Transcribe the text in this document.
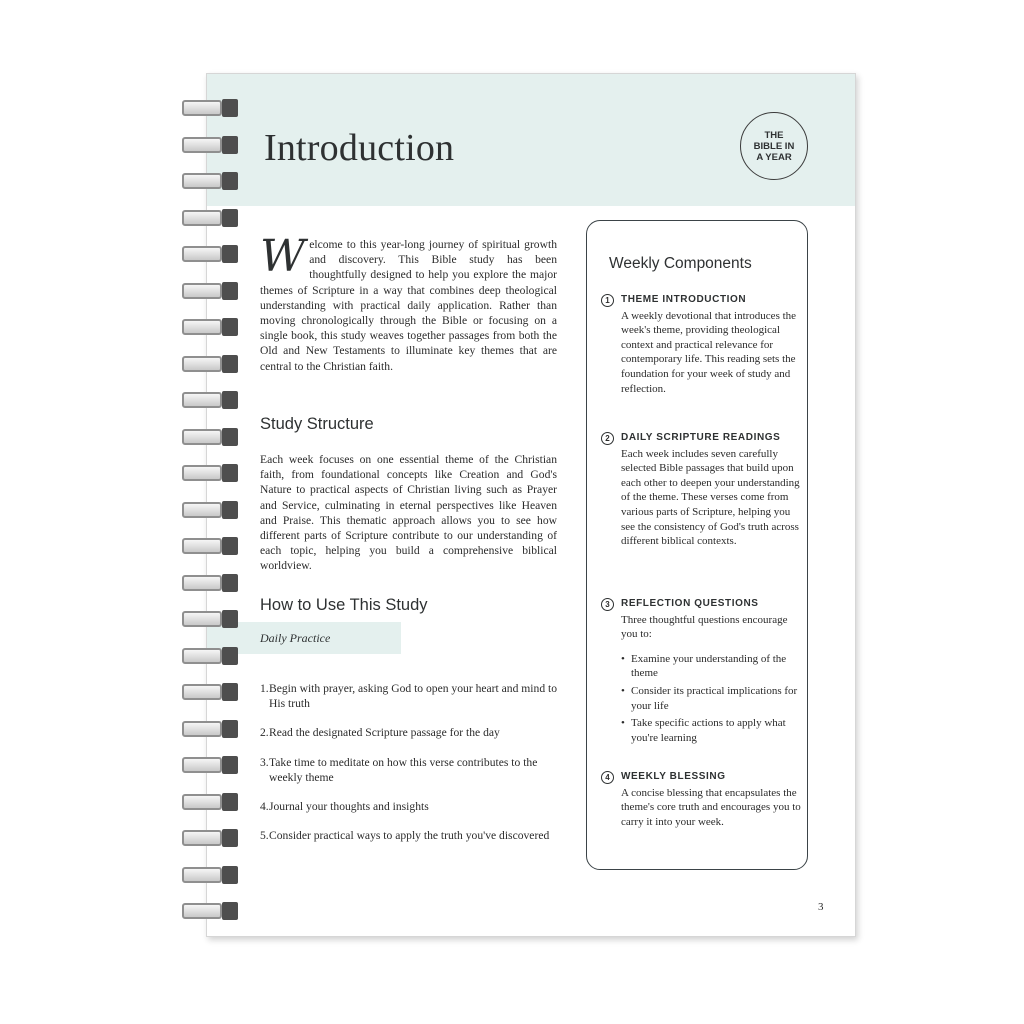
Introduction	THE BIBLE IN A YEAR

Welcome to this year-long journey of spiritual growth and discovery. This Bible study has been thoughtfully designed to help you explore the major themes of Scripture in a way that combines deep theological understanding with practical daily application. Rather than moving chronologically through the Bible or focusing on a single book, this study weaves together passages from both the Old and New Testaments to illuminate key themes that are central to the Christian faith.

Study Structure

Each week focuses on one essential theme of the Christian faith, from foundational concepts like Creation and God's Nature to practical aspects of Christian living such as Prayer and Service, culminating in eternal perspectives like Heaven and Praise. This thematic approach allows you to see how different parts of Scripture contribute to our understanding of each topic, helping you build a comprehensive biblical worldview.

How to Use This Study
Daily Practice
1. Begin with prayer, asking God to open your heart and mind to His truth
2. Read the designated Scripture passage for the day
3. Take time to meditate on how this verse contributes to the weekly theme
4. Journal your thoughts and insights
5. Consider practical ways to apply the truth you've discovered
Weekly Components
1	THEME INTRODUCTION
A weekly devotional that introduces the week's theme, providing theological context and practical relevance for contemporary life. This reading sets the foundation for your week of study and reflection.
2	DAILY SCRIPTURE READINGS
Each week includes seven carefully selected Bible passages that build upon each other to deepen your understanding of the theme. These verses come from various parts of Scripture, helping you see the consistency of God's truth across different biblical contexts.
3	REFLECTION QUESTIONS
Three thoughtful questions encourage you to:
• Examine your understanding of the theme
• Consider its practical implications for your life
• Take specific actions to apply what you're learning
4	WEEKLY BLESSING
A concise blessing that encapsulates the theme's core truth and encourages you to carry it into your week.
3
